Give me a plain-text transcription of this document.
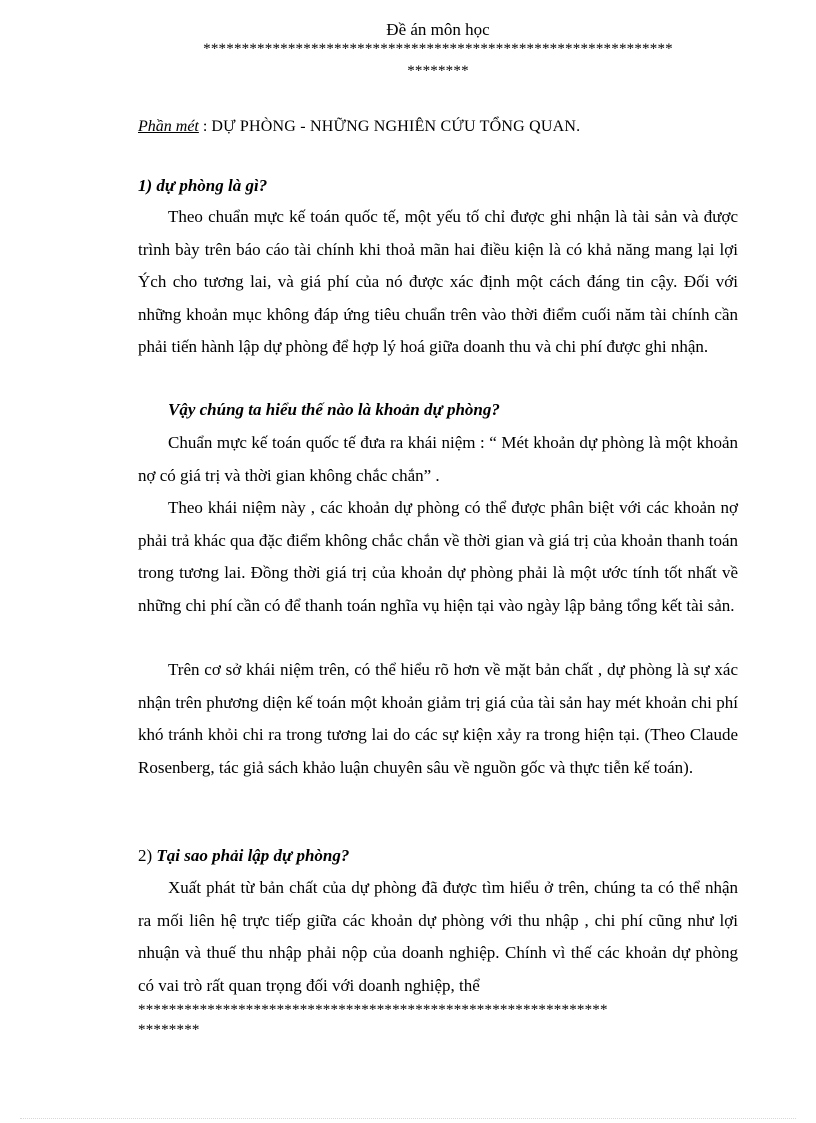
Đề án môn học
*************************************************************
********
Phần mét : DỰ PHÒNG - NHỮNG NGHIÊN CỨU TỔNG QUAN.
1) dự phòng là gì?
Theo chuẩn mực kế toán quốc tế, một yếu tố chỉ được ghi nhận là tài sản và được trình bày trên báo cáo tài chính khi thoả mãn hai điều kiện là có khả năng mang lại lợi Ých cho tương lai, và giá phí của nó được xác định một cách đáng tin cậy. Đối với những khoản mục không đáp ứng tiêu chuẩn trên vào thời điểm cuối năm tài chính cần phải tiến hành lập dự phòng để hợp lý hoá giữa doanh thu và chi phí được ghi nhận.
Vậy chúng ta hiểu thế nào là khoản dự phòng?
Chuẩn mực kế toán quốc tế đưa ra khái niệm : “ Mét khoản dự phòng là một khoản nợ có giá trị và thời gian không chắc chắn” .
Theo khái niệm này , các khoản dự phòng có thể được phân biệt với các khoản nợ phải trả khác qua đặc điểm không chắc chắn về thời gian và giá trị của khoản thanh toán trong tương lai. Đồng thời giá trị của khoản dự phòng phải là một ước tính tốt nhất về những chi phí cần có để thanh toán nghĩa vụ hiện tại vào ngày lập bảng tổng kết tài sản.
Trên cơ sở khái niệm trên, có thể hiểu rõ hơn về mặt bản chất , dự phòng là sự xác nhận trên phương diện kế toán một khoản giảm trị giá của tài sản hay mét khoản chi phí khó tránh khỏi chi ra trong tương lai do các sự kiện xảy ra trong hiện tại. (Theo Claude Rosenberg, tác giả sách khảo luận chuyên sâu về nguồn gốc và thực tiễn kế toán).
2) Tại sao phải lập dự phòng?
Xuất phát từ bản chất của dự phòng đã được tìm hiểu ở trên, chúng ta có thể nhận ra mối liên hệ trực tiếp giữa các khoản dự phòng với thu nhập , chi phí cũng như lợi nhuận và thuế thu nhập phải nộp của doanh nghiệp. Chính vì thế các khoản dự phòng có vai trò rất quan trọng đối với doanh nghiệp, thể
*************************************************************
********
